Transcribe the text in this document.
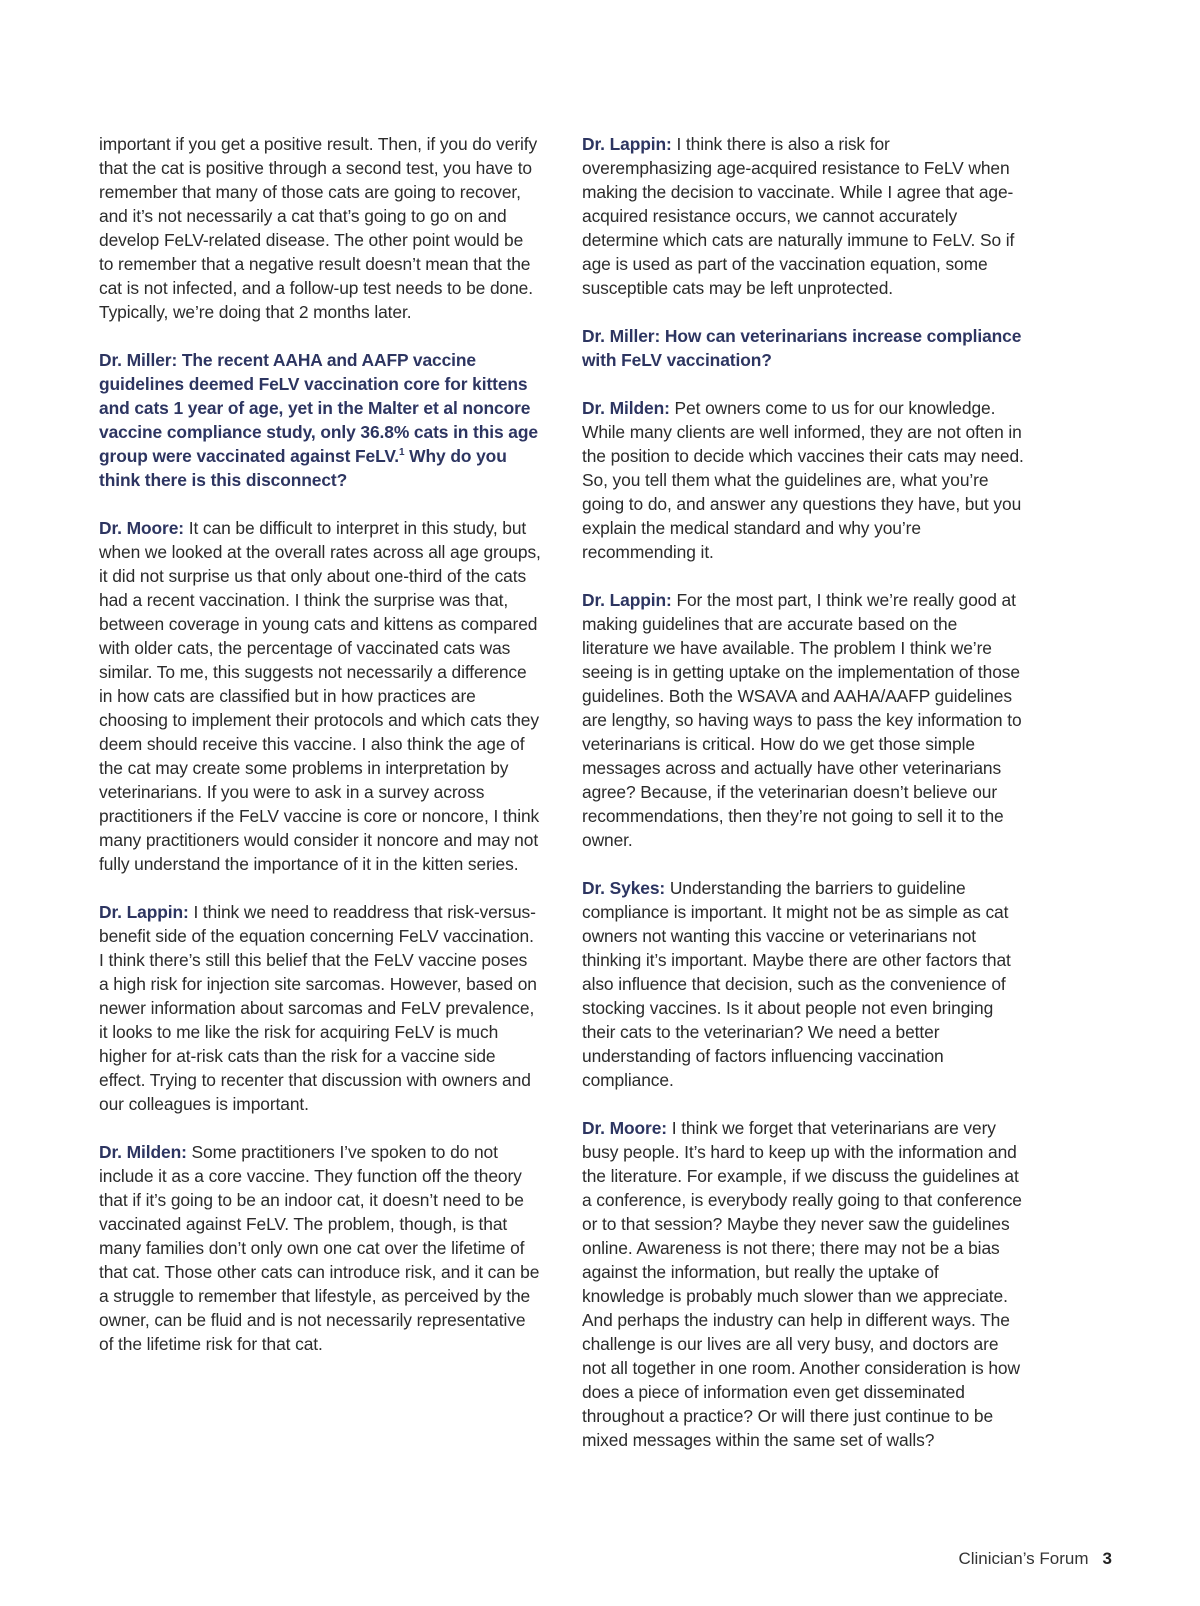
important if you get a positive result. Then, if you do verify that the cat is positive through a second test, you have to remember that many of those cats are going to recover, and it’s not necessarily a cat that’s going to go on and develop FeLV-related disease. The other point would be to remember that a negative result doesn’t mean that the cat is not infected, and a follow-up test needs to be done. Typically, we’re doing that 2 months later.

Dr. Miller: The recent AAHA and AAFP vaccine guidelines deemed FeLV vaccination core for kittens and cats 1 year of age, yet in the Malter et al noncore vaccine compliance study, only 36.8% cats in this age group were vaccinated against FeLV.$^1$ Why do you think there is this disconnect?

Dr. Moore: It can be difficult to interpret in this study, but when we looked at the overall rates across all age groups, it did not surprise us that only about one-third of the cats had a recent vaccination. I think the surprise was that, between coverage in young cats and kittens as compared with older cats, the percentage of vaccinated cats was similar. To me, this suggests not necessarily a difference in how cats are classified but in how practices are choosing to implement their protocols and which cats they deem should receive this vaccine. I also think the age of the cat may create some problems in interpretation by veterinarians. If you were to ask in a survey across practitioners if the FeLV vaccine is core or noncore, I think many practitioners would consider it noncore and may not fully understand the importance of it in the kitten series.

Dr. Lappin: I think we need to readdress that risk-versus-benefit side of the equation concerning FeLV vaccination. I think there’s still this belief that the FeLV vaccine poses a high risk for injection site sarcomas. However, based on newer information about sarcomas and FeLV prevalence, it looks to me like the risk for acquiring FeLV is much higher for at-risk cats than the risk for a vaccine side effect. Trying to recenter that discussion with owners and our colleagues is important.

Dr. Milden: Some practitioners I’ve spoken to do not include it as a core vaccine. They function off the theory that if it’s going to be an indoor cat, it doesn’t need to be vaccinated against FeLV. The problem, though, is that many families don’t only own one cat over the lifetime of that cat. Those other cats can introduce risk, and it can be a struggle to remember that lifestyle, as perceived by the owner, can be fluid and is not necessarily representative of the lifetime risk for that cat.

Dr. Lappin: I think there is also a risk for overemphasizing age-acquired resistance to FeLV when making the decision to vaccinate. While I agree that age-acquired resistance occurs, we cannot accurately determine which cats are naturally immune to FeLV. So if age is used as part of the vaccination equation, some susceptible cats may be left unprotected.

Dr. Miller: How can veterinarians increase compliance with FeLV vaccination?

Dr. Milden: Pet owners come to us for our knowledge. While many clients are well informed, they are not often in the position to decide which vaccines their cats may need. So, you tell them what the guidelines are, what you’re going to do, and answer any questions they have, but you explain the medical standard and why you’re recommending it.

Dr. Lappin: For the most part, I think we’re really good at making guidelines that are accurate based on the literature we have available. The problem I think we’re seeing is in getting uptake on the implementation of those guidelines. Both the WSAVA and AAHA/AAFP guidelines are lengthy, so having ways to pass the key information to veterinarians is critical. How do we get those simple messages across and actually have other veterinarians agree? Because, if the veterinarian doesn’t believe our recommendations, then they’re not going to sell it to the owner.

Dr. Sykes: Understanding the barriers to guideline compliance is important. It might not be as simple as cat owners not wanting this vaccine or veterinarians not thinking it’s important. Maybe there are other factors that also influence that decision, such as the convenience of stocking vaccines. Is it about people not even bringing their cats to the veterinarian? We need a better understanding of factors influencing vaccination compliance.

Dr. Moore: I think we forget that veterinarians are very busy people. It’s hard to keep up with the information and the literature. For example, if we discuss the guidelines at a conference, is everybody really going to that conference or to that session? Maybe they never saw the guidelines online. Awareness is not there; there may not be a bias against the information, but really the uptake of knowledge is probably much slower than we appreciate. And perhaps the industry can help in different ways. The challenge is our lives are all very busy, and doctors are not all together in one room. Another consideration is how does a piece of information even get disseminated throughout a practice? Or will there just continue to be mixed messages within the same set of walls?

Clinician’s Forum 3
